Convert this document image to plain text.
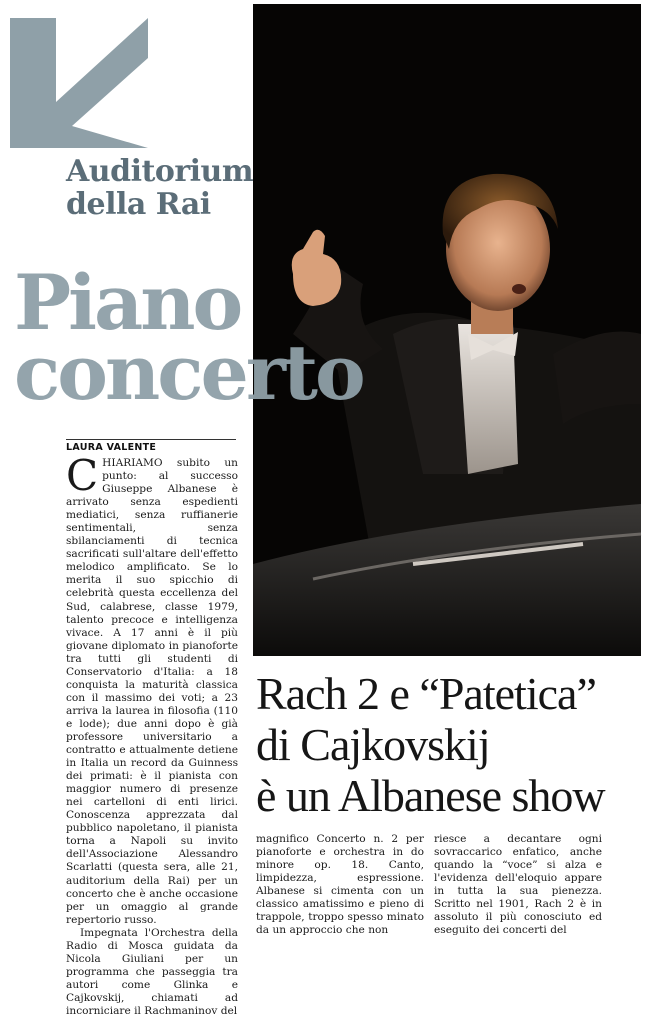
Auditorium
della Rai
Piano
concerto
LAURA VALENTE

CHIARIAMO subito un punto: al successo Giuseppe Albanese è arrivato senza espedienti mediatici, senza ruffianerie sentimentali, senza sbilanciamenti di tecnica sacrificati sull'altare dell'effetto melodico amplificato. Se lo merita il suo spicchio di celebrità questa eccellenza del Sud, calabrese, classe 1979, talento precoce e intelligenza vivace. A 17 anni è il più giovane diplomato in pianoforte tra tutti gli studenti di Conservatorio d'Italia: a 18 conquista la maturità classica con il massimo dei voti; a 23 arriva la laurea in filosofia (110 e lode); due anni dopo è già professore universitario a contratto e attualmente detiene in Italia un record da Guinness dei primati: è il pianista con maggior numero di presenze nei cartelloni di enti lirici. Conoscenza apprezzata dal pubblico napoletano, il pianista torna a Napoli su invito dell'Associazione Alessandro Scarlatti (questa sera, alle 21, auditorium della Rai) per un concerto che è anche occasione per un omaggio al grande repertorio russo.

Impegnata l'Orchestra della Radio di Mosca guidata da Nicola Giuliani per un programma che passeggia tra autori come Glinka e Cajkovskij, chiamati ad incorniciare il Rachmaninov del

Rach 2 e “Patetica”
di Cajkovskij
è un Albanese show

magnifico Concerto n. 2 per pianoforte e orchestra in do minore op. 18. Canto, limpidezza, espressione. Albanese si cimenta con un classico amatissimo e pieno di trappole, troppo spesso minato da un approccio che non

riesce a decantare ogni sovraccarico enfatico, anche quando la “voce” si alza e l'evidenza dell'eloquio appare in tutta la sua pienezza. Scritto nel 1901, Rach 2 è in assoluto il più conosciuto ed eseguito dei concerti del
